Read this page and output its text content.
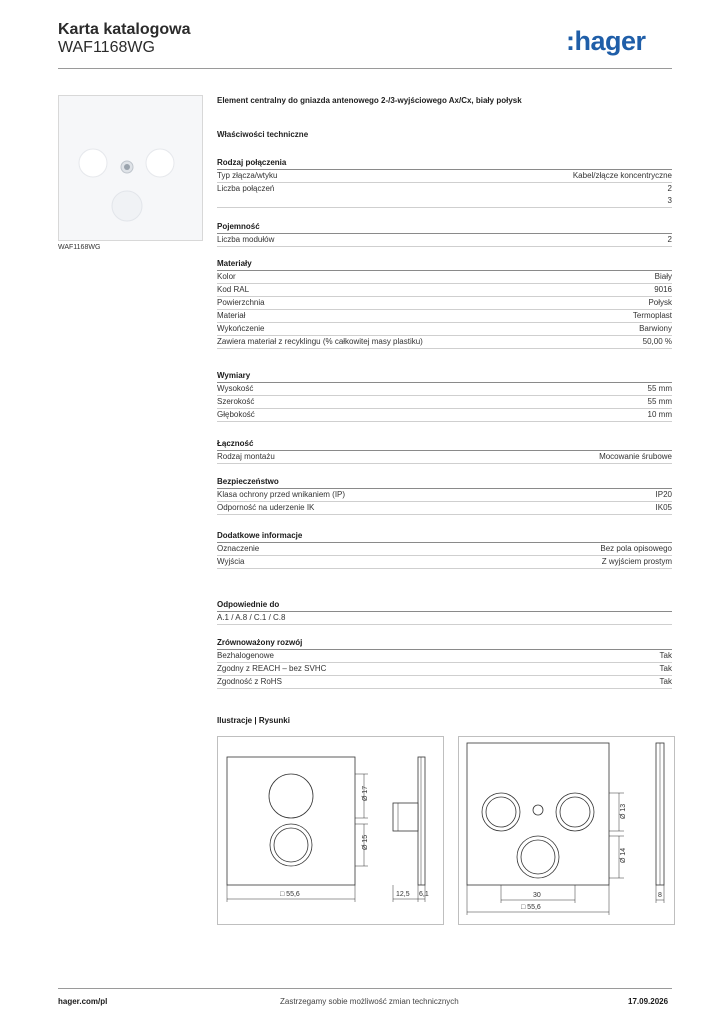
Karta katalogowa
WAF1168WG	:hager
WAF1168WG
Element centralny do gniazda antenowego 2-/3-wyjściowego Ax/Cx, biały połysk
Właściwości techniczne
Rodzaj połączenia
Typ złącza/wtyku	Kabel/złącze koncentryczne
Liczba połączeń	2
3
Pojemność
Liczba modułów	2
Materiały
Kolor	Biały
Kod RAL	9016
Powierzchnia	Połysk
Materiał	Termoplast
Wykończenie	Barwiony
Zawiera materiał z recyklingu (% całkowitej masy plastiku)	50,00 %
Wymiary
Wysokość	55 mm
Szerokość	55 mm
Głębokość	10 mm
Łączność
Rodzaj montażu	Mocowanie śrubowe
Bezpieczeństwo
Klasa ochrony przed wnikaniem (IP)	IP20
Odporność na uderzenie IK	IK05
Dodatkowe informacje
Oznaczenie	Bez pola opisowego
Wyjścia	Z wyjściem prostym
Odpowiednie do
A.1 / A.8 / C.1 / C.8
Zrównoważony rozwój
Bezhalogenowe	Tak
Zgodny z REACH – bez SVHC	Tak
Zgodność z RoHS	Tak
Ilustracje | Rysunki
Ø 17
Ø 15
□ 55,6	12,5 6,1
Ø 13
Ø 14
30
□ 55,6
8
hager.com/pl	Zastrzegamy sobie możliwość zmian technicznych	17.09.2026
